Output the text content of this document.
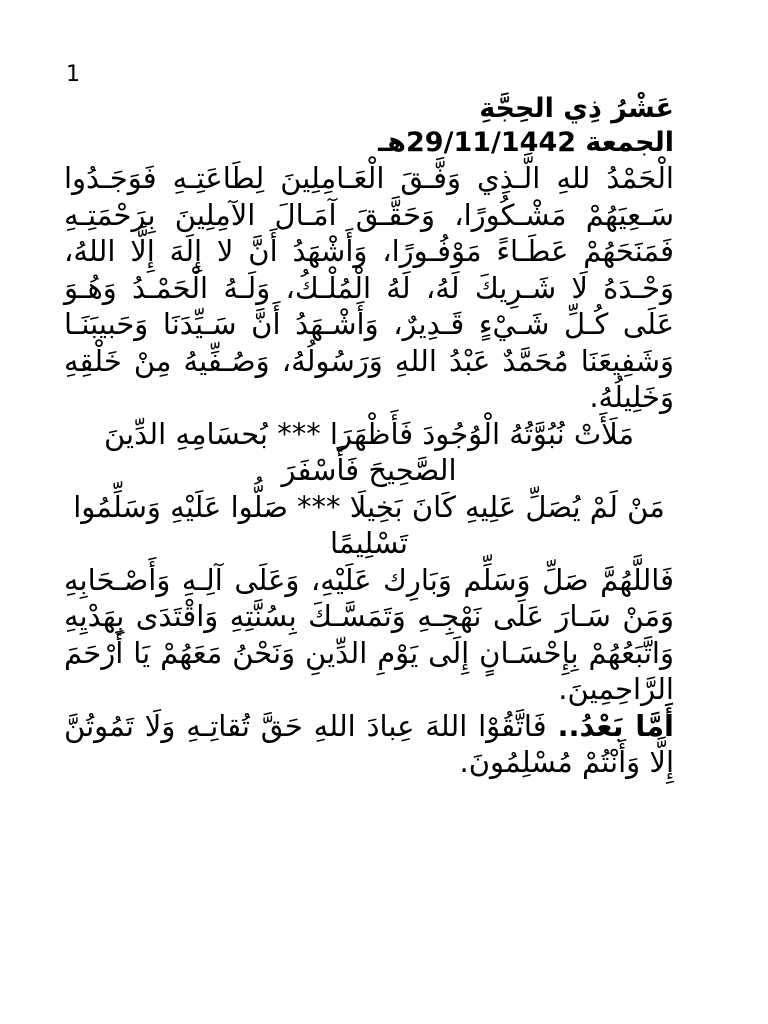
1

عَشْرُ ذِي الحِجَّةِ

الجمعة 29/11/1442هـ

الْحَمْدُ للهِ الَّـذِي وَفَّـقَ الْعَـامِلِينَ لِطَاعَتِـهِ فَوَجَـدُوا سَـعِيَهُمْ مَشْـكُورًا، وَحَقَّـقَ آمَـالَ الآمِلِينَ بِرَحْمَتِـهِ فَمَنَحَهُمْ عَطَـاءً مَوْفُـورًا، وَأَشْهَدُ أَنَّ لا إِلَهَ إِلَّا اللهُ، وَحْـدَهُ لَا شَـرِيكَ لَهُ، لَهُ الْمُلْـكُ، وَلَـهُ الْحَمْـدُ وَهُـوَ عَلَى كُـلِّ شَـيْءٍ قَـدِيرٌ، وَأَشْـهَدُ أَنَّ سَـيِّدَنَا وَحَبيبَنَـا وَشَفِيعَنَا مُحَمَّدٌ عَبْدُ اللهِ وَرَسُولُهُ، وَصُـفِّيهُ مِنْ خَلْقِهِ وَخَلِيلُهُ.

مَلَأَتْ نُبُوَّتُهُ الْوُجُودَ فَأَظْهَرَا *** بُحسَامِهِ الدِّينَ الصَّحِيحَ فَأَسْفَرَ

مَنْ لَمْ يُصَلِّ عَلِيهِ كَانَ بَخِيلَا *** صَلُّوا عَلَيْهِ وَسَلِّمُوا تَسْلِيمًا

فَاللَّهُمَّ صَلِّ وَسَلِّم وَبَارِك عَلَيْهِ، وَعَلَى آلِـهِ وَأَصْـحَابِهِ وَمَنْ سَـارَ عَلَى نَهْجِـهِ وَتَمَسَّـكَ بِسُنَّتِهِ وَاقْتَدَى بِهَدْيِهِ وَاتَّبَعُهُمْ بِإِحْسَـانٍ إِلَى يَوْمِ الدِّينِ وَنَحْنُ مَعَهُمْ يَا أَرْحَمَ الرَّاحِمِينَ.

أَمَّا بَعْدُ.. فَاتَّقُوْا اللهَ عِبادَ اللهِ حَقَّ تُقاتِـهِ وَلَا تَمُوتُنَّ إِلَّا وَأَنْتُمْ مُسْلِمُونَ.
